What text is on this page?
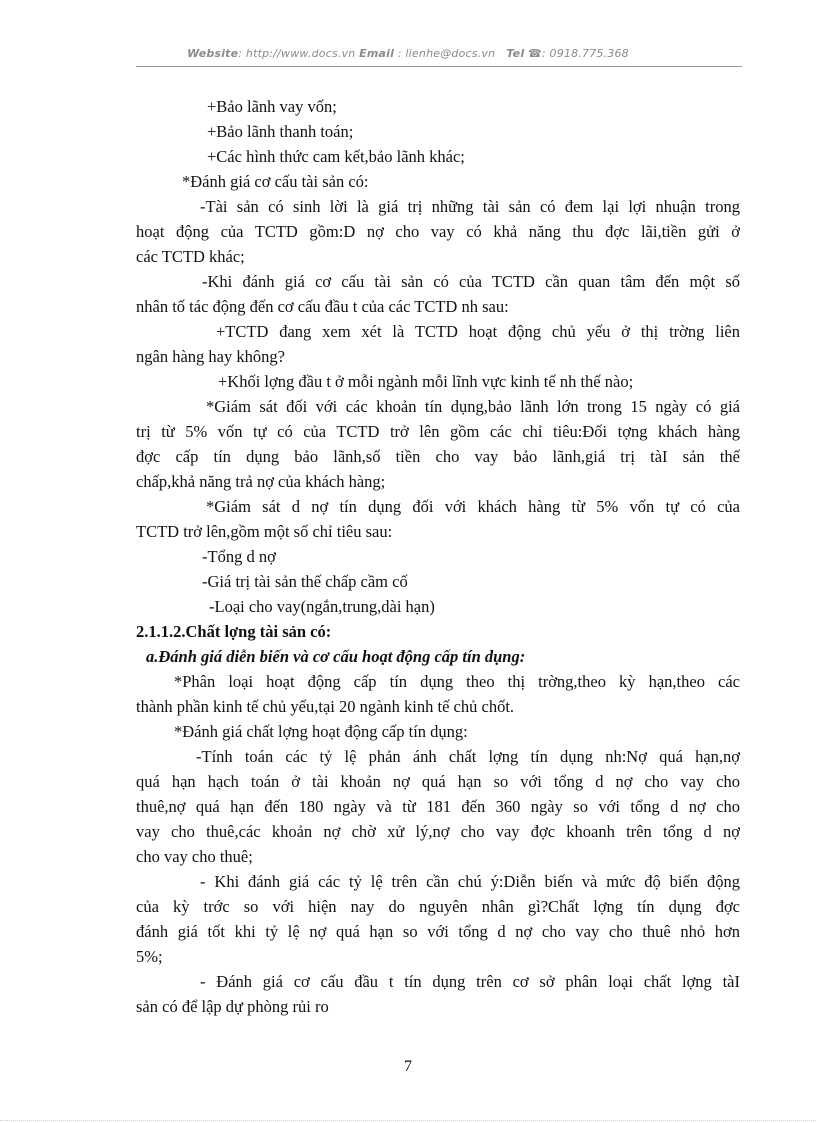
Website: http://www.docs.vn Email : lienhe@docs.vn Tel ☎: 0918.775.368
+Bảo lãnh vay vốn;
+Bảo lãnh thanh toán;
+Các hình thức cam kết,bảo lãnh khác;
*Đánh giá cơ cấu tài sản có:
-Tài sản có sinh lời là giá trị những tài sản có đem lại lợi nhuận trong
hoạt động của TCTD gồm:D nợ cho vay có khả năng thu đợc lãi,tiền gửi ở
các TCTD khác;
-Khi đánh giá cơ cấu tài sản có của TCTD cần quan tâm đến một số
nhân tố tác động đến cơ cấu đầu t của các TCTD nh sau:
+TCTD đang xem xét là TCTD hoạt động chủ yếu ở thị trờng liên
ngân hàng hay không?
+Khối lợng đầu t ở mỗi ngành mỗi lĩnh vực kinh tế nh thế nào;
*Giám sát đối với các khoản tín dụng,bảo lãnh lớn trong 15 ngày có giá
trị từ 5% vốn tự có của TCTD trở lên gồm các chỉ tiêu:Đối tợng khách hàng
đợc cấp tín dụng bảo lãnh,số tiền cho vay bảo lãnh,giá trị tàI sản thế
chấp,khả năng trả nợ của khách hàng;
*Giám sát d nợ tín dụng đối với khách hàng từ 5% vốn tự có của
TCTD trở lên,gồm một số chỉ tiêu sau:
-Tổng d nợ
-Giá trị tài sản thế chấp cầm cố
-Loại cho vay(ngắn,trung,dài hạn)
2.1.1.2.Chất lợng tài sản có:
a.Đánh giá diễn biến và cơ cấu hoạt động cấp tín dụng:
*Phân loại hoạt động cấp tín dụng theo thị trờng,theo kỳ hạn,theo các
thành phần kinh tế chủ yếu,tại 20 ngành kinh tế chủ chốt.
*Đánh giá chất lợng hoạt động cấp tín dụng:
-Tính toán các tỷ lệ phản ánh chất lợng tín dụng nh:Nợ quá hạn,nợ
quá hạn hạch toán ở tài khoản nợ quá hạn so với tổng d nợ cho vay cho
thuê,nợ quá hạn đến 180 ngày và từ 181 đến 360 ngày so với tổng d nợ cho
vay cho thuê,các khoản nợ chờ xử lý,nợ cho vay đợc khoanh trên tổng d nợ
cho vay cho thuê;
- Khi đánh giá các tỷ lệ trên cần chú ý:Diễn biến và mức độ biến động
của kỳ trớc so với hiện nay do nguyên nhân gì?Chất lợng tín dụng đợc
đánh giá tốt khi tỷ lệ nợ quá hạn so với tổng d nợ cho vay cho thuê nhỏ hơn
5%;
- Đánh giá cơ cấu đầu t tín dụng trên cơ sở phân loại chất lợng tàI
sản có để lập dự phòng rủi ro
7
